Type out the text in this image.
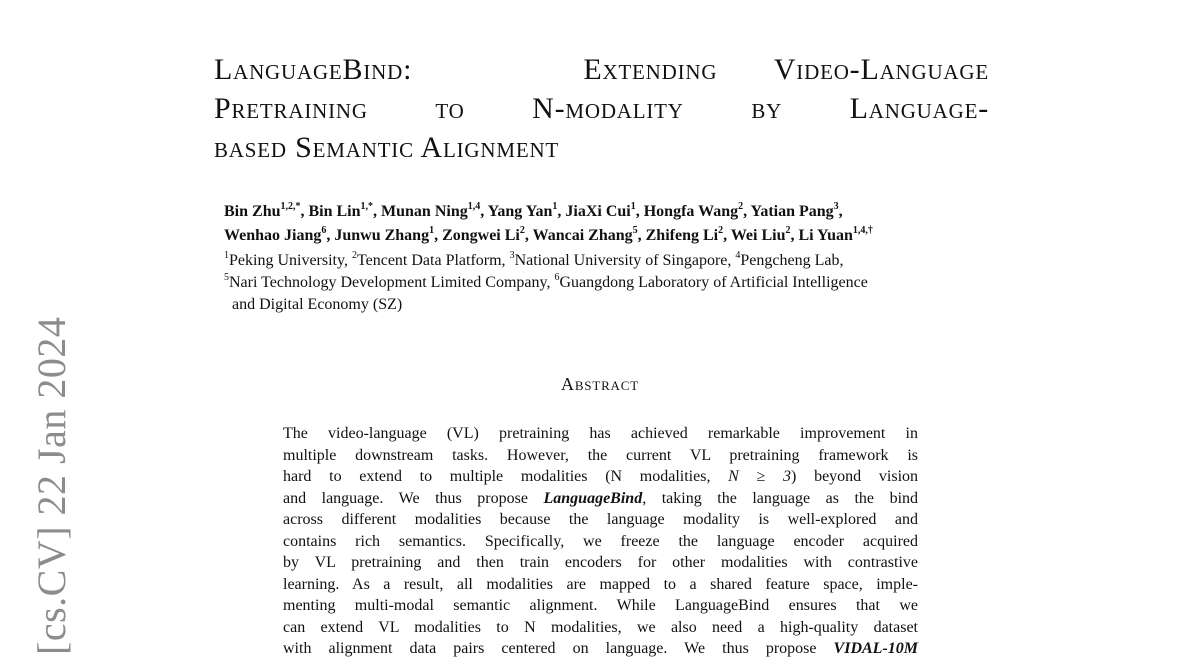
[cs.CV] 22 Jan 2024
LanguageBind:   Extending Video-Language
Pretraining to N-modality by Language-
based Semantic Alignment
Bin Zhu$^{1,2,*}$, Bin Lin$^{1,*}$, Munan Ning$^{1,4}$, Yang Yan$^1$, JiaXi Cui$^1$, Hongfa Wang$^2$, Yatian Pang$^3$,
Wenhao Jiang$^6$, Junwu Zhang$^1$, Zongwei Li$^2$, Wancai Zhang$^5$, Zhifeng Li$^2$, Wei Liu$^2$, Li Yuan$^{1,4,\dagger}$
$^1$Peking University, $^2$Tencent Data Platform, $^3$National University of Singapore, $^4$Pengcheng Lab,
$^5$Nari Technology Development Limited Company, $^6$Guangdong Laboratory of Artificial Intelligence
and Digital Economy (SZ)
Abstract
The video-language (VL) pretraining has achieved remarkable improvement in
multiple downstream tasks. However, the current VL pretraining framework is
hard to extend to multiple modalities (N modalities, N ≥ 3) beyond vision
and language. We thus propose LanguageBind, taking the language as the bind
across different modalities because the language modality is well-explored and
contains rich semantics. Specifically, we freeze the language encoder acquired
by VL pretraining and then train encoders for other modalities with contrastive
learning. As a result, all modalities are mapped to a shared feature space, imple-
menting multi-modal semantic alignment. While LanguageBind ensures that we
can extend VL modalities to N modalities, we also need a high-quality dataset
with alignment data pairs centered on language. We thus propose VIDAL-10M
